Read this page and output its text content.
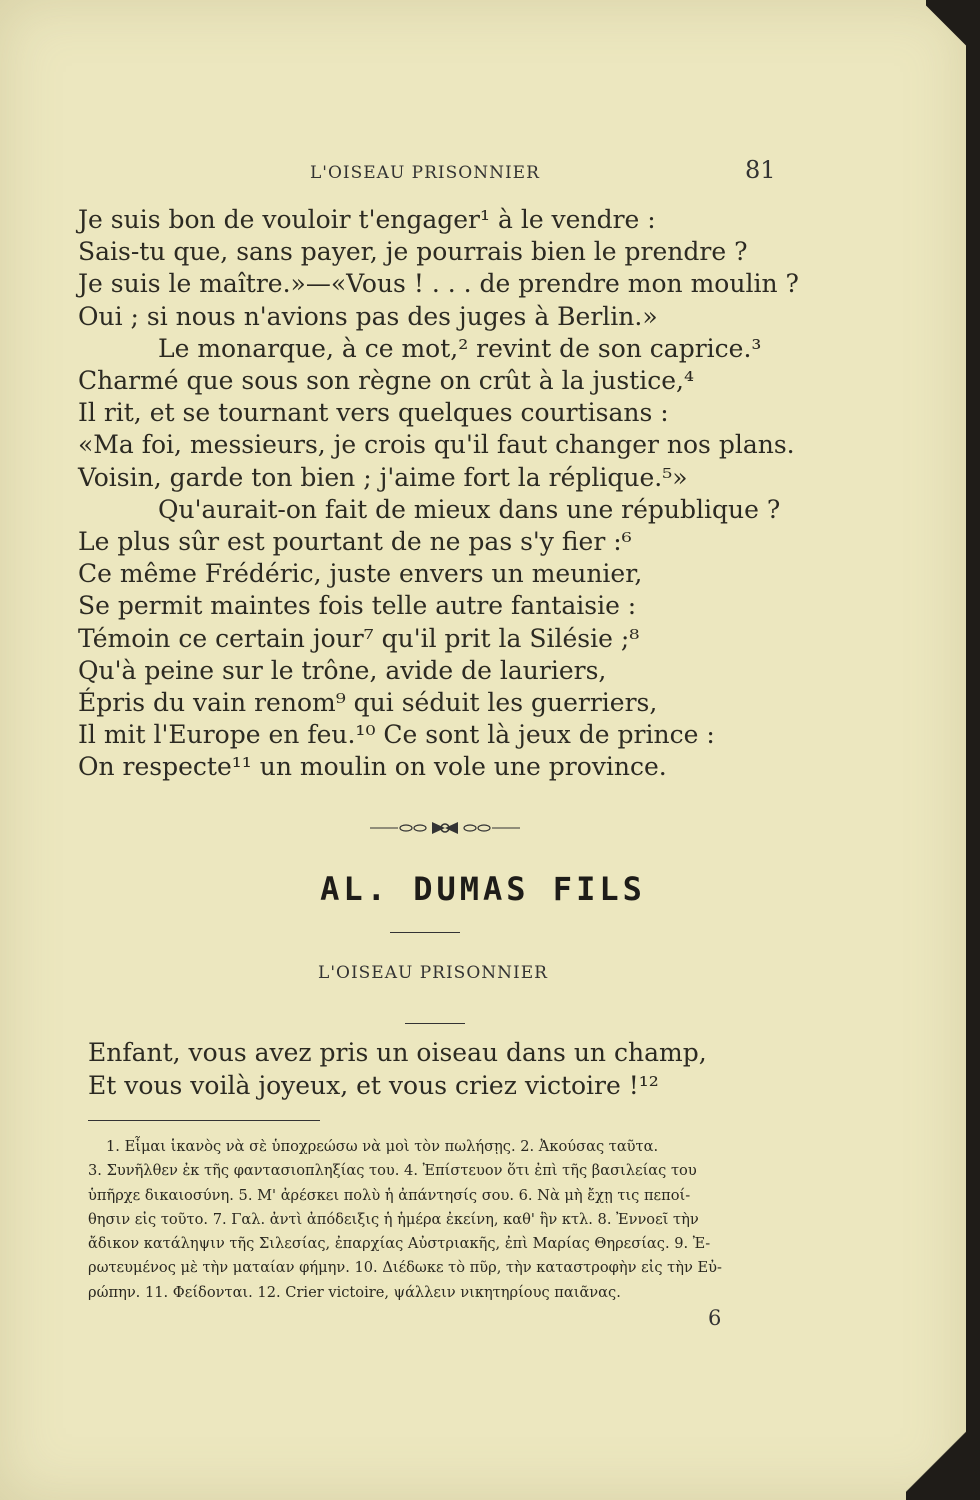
L'OISEAU PRISONNIER	81
Je suis bon de vouloir t'engager¹ à le vendre :
Sais-tu que, sans payer, je pourrais bien le prendre ?
Je suis le maître.»—«Vous ! . . . de prendre mon moulin ?
Oui ; si nous n'avions pas des juges à Berlin.»
Le monarque, à ce mot,² revint de son caprice.³
Charmé que sous son règne on crût à la justice,⁴
Il rit, et se tournant vers quelques courtisans :
«Ma foi, messieurs, je crois qu'il faut changer nos plans.
Voisin, garde ton bien ; j'aime fort la réplique.⁵»
Qu'aurait-on fait de mieux dans une république ?
Le plus sûr est pourtant de ne pas s'y fier :⁶
Ce même Frédéric, juste envers un meunier,
Se permit maintes fois telle autre fantaisie :
Témoin ce certain jour⁷ qu'il prit la Silésie ;⁸
Qu'à peine sur le trône, avide de lauriers,
Épris du vain renom⁹ qui séduit les guerriers,
Il mit l'Europe en feu.¹⁰ Ce sont là jeux de prince :
On respecte¹¹ un moulin on vole une province.
AL. DUMAS FILS
L'OISEAU PRISONNIER
Enfant, vous avez pris un oiseau dans un champ,
Et vous voilà joyeux, et vous criez victoire !¹²
1. Εἶμαι ἱκανὸς νὰ σὲ ὑποχρεώσω νὰ μοὶ τὸν πωλήσῃς. 2. Ἀκούσας ταῦτα.
3. Συνῆλθεν ἐκ τῆς φαντασιοπληξίας του. 4. Ἐπίστευον ὅτι ἐπὶ τῆς βασιλείας του
ὑπῆρχε δικαιοσύνη. 5. Μ' ἀρέσκει πολὺ ἡ ἀπάντησίς σου. 6. Νὰ μὴ ἔχῃ τις πεποί-
θησιν εἰς τοῦτο. 7. Γαλ. ἀντὶ ἀπόδειξις ἡ ἡμέρα ἐκείνη, καθ' ἣν κτλ. 8. Ἐννοεῖ τὴν
ἄδικον κατάληψιν τῆς Σιλεσίας, ἐπαρχίας Αὐστριακῆς, ἐπὶ Μαρίας Θηρεσίας. 9. Ἐ-
ρωτευμένος μὲ τὴν ματαίαν φήμην. 10. Διέδωκε τὸ πῦρ, τὴν καταστροφὴν εἰς τὴν Εὐ-
ρώπην. 11. Φείδονται. 12. Crier victoire, ψάλλειν νικητηρίους παιᾶνας.
6
